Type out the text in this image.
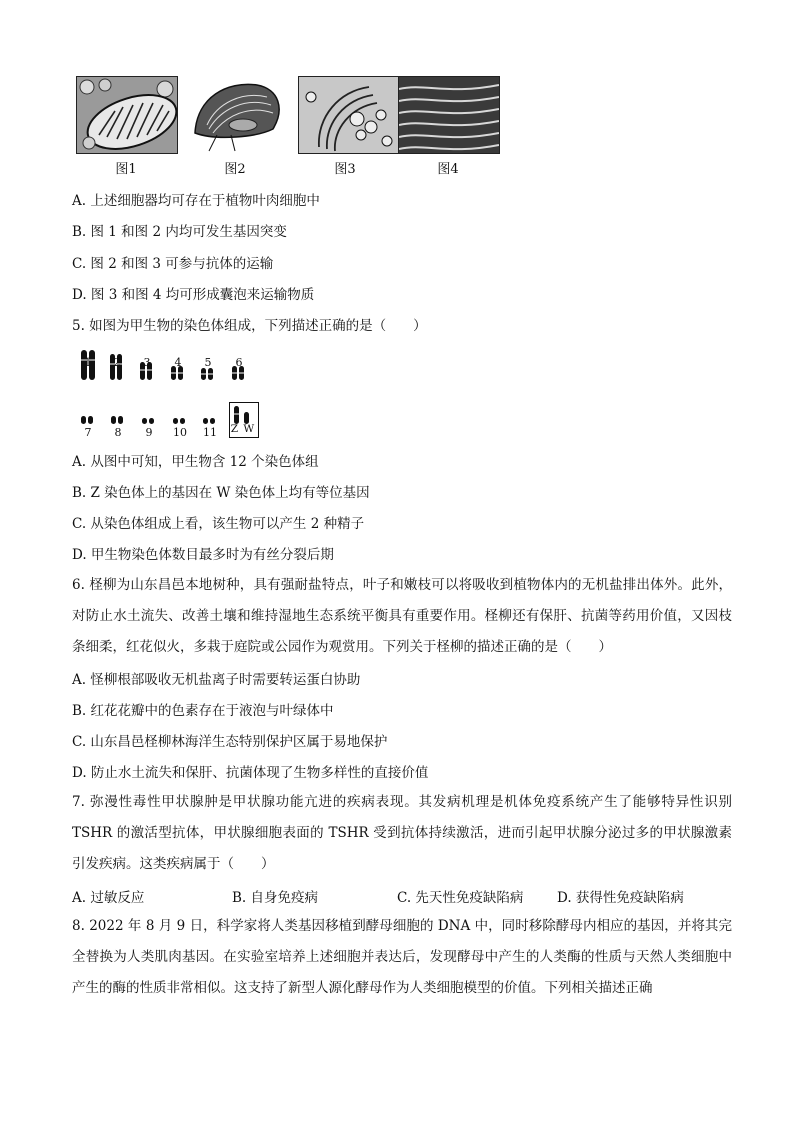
图1	图2	图3	图4
A. 上述细胞器均可存在于植物叶肉细胞中
B. 图 1 和图 2 内均可发生基因突变
C. 图 2 和图 3 可参与抗体的运输
D. 图 3 和图 4 均可形成囊泡来运输物质
5. 如图为甲生物的染色体组成，下列描述正确的是（　　）
1	2	3	4	5	6
7	8	9	10	11	Z W
A. 从图中可知，甲生物含 12 个染色体组
B. Z 染色体上的基因在 W 染色体上均有等位基因
C. 从染色体组成上看，该生物可以产生 2 种精子
D. 甲生物染色体数目最多时为有丝分裂后期
6. 柽柳为山东昌邑本地树种，具有强耐盐特点，叶子和嫩枝可以将吸收到植物体内的无机盐排出体外。此外，对防止水土流失、改善土壤和维持湿地生态系统平衡具有重要作用。柽柳还有保肝、抗菌等药用价值，又因枝条细柔，红花似火，多栽于庭院或公园作为观赏用。下列关于柽柳的描述正确的是（　　）
A. 怪柳根部吸收无机盐离子时需要转运蛋白协助
B. 红花花瓣中的色素存在于液泡与叶绿体中
C. 山东昌邑柽柳林海洋生态特别保护区属于易地保护
D. 防止水土流失和保肝、抗菌体现了生物多样性的直接价值
7. 弥漫性毒性甲状腺肿是甲状腺功能亢进的疾病表现。其发病机理是机体免疫系统产生了能够特异性识别 TSHR 的激活型抗体，甲状腺细胞表面的 TSHR 受到抗体持续激活，进而引起甲状腺分泌过多的甲状腺激素引发疾病。这类疾病属于（　　）
A. 过敏反应	B. 自身免疫病	C. 先天性免疫缺陷病 D. 获得性免疫缺陷病
8. 2022 年 8 月 9 日，科学家将人类基因移植到酵母细胞的 DNA 中，同时移除酵母内相应的基因，并将其完全替换为人类肌肉基因。在实验室培养上述细胞并表达后，发现酵母中产生的人类酶的性质与天然人类细胞中产生的酶的性质非常相似。这支持了新型人源化酵母作为人类细胞模型的价值。下列相关描述正确
